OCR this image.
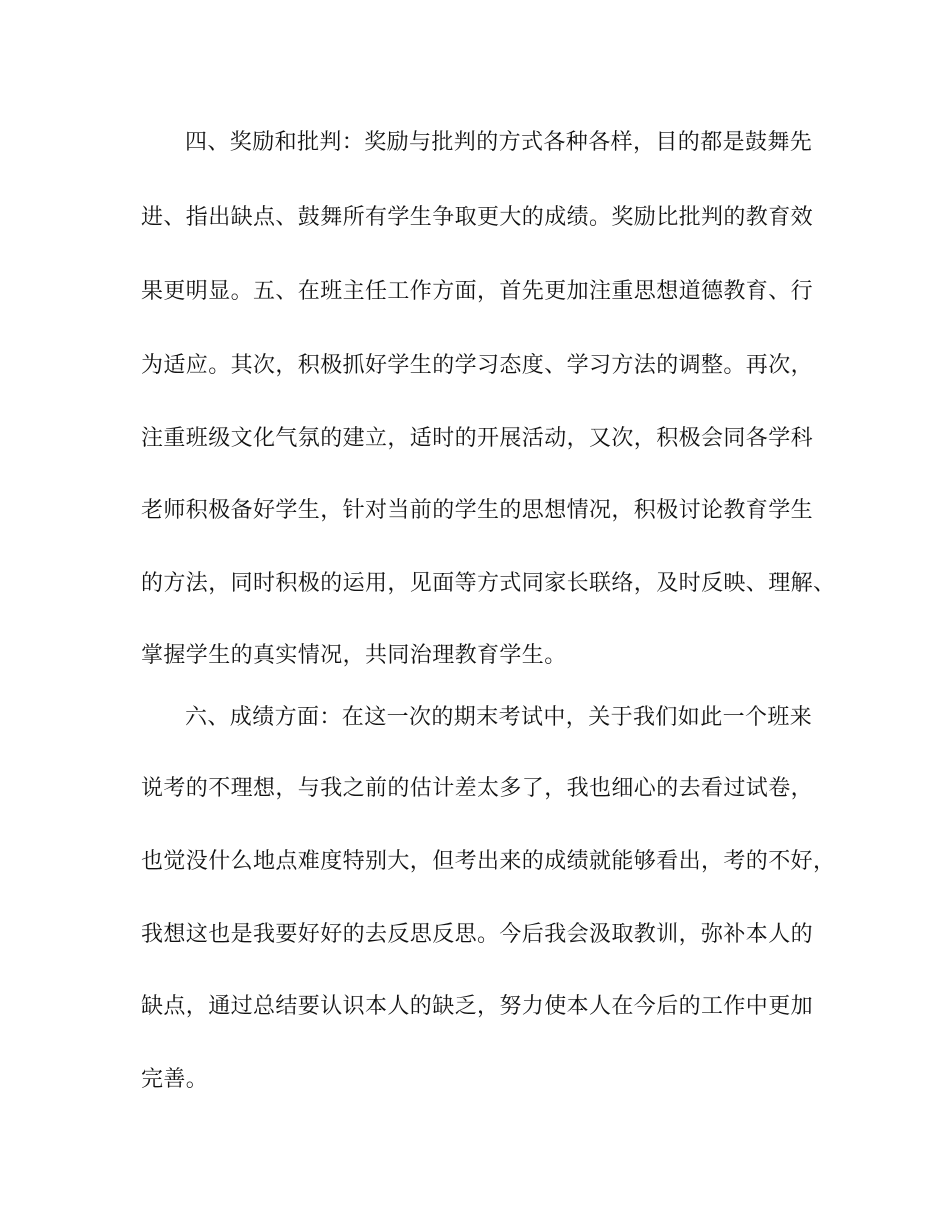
四、奖励和批判：奖励与批判的方式各种各样，目的都是鼓舞先
进、指出缺点、鼓舞所有学生争取更大的成绩。奖励比批判的教育效
果更明显。五、在班主任工作方面，首先更加注重思想道德教育、行
为适应。其次，积极抓好学生的学习态度、学习方法的调整。再次，
注重班级文化气氛的建立，适时的开展活动，又次，积极会同各学科
老师积极备好学生，针对当前的学生的思想情况，积极讨论教育学生
的方法，同时积极的运用，见面等方式同家长联络，及时反映、理解、
掌握学生的真实情况，共同治理教育学生。
六、成绩方面：在这一次的期末考试中，关于我们如此一个班来
说考的不理想，与我之前的估计差太多了，我也细心的去看过试卷，
也觉没什么地点难度特别大，但考出来的成绩就能够看出，考的不好，
我想这也是我要好好的去反思反思。今后我会汲取教训，弥补本人的
缺点，通过总结要认识本人的缺乏，努力使本人在今后的工作中更加
完善。
